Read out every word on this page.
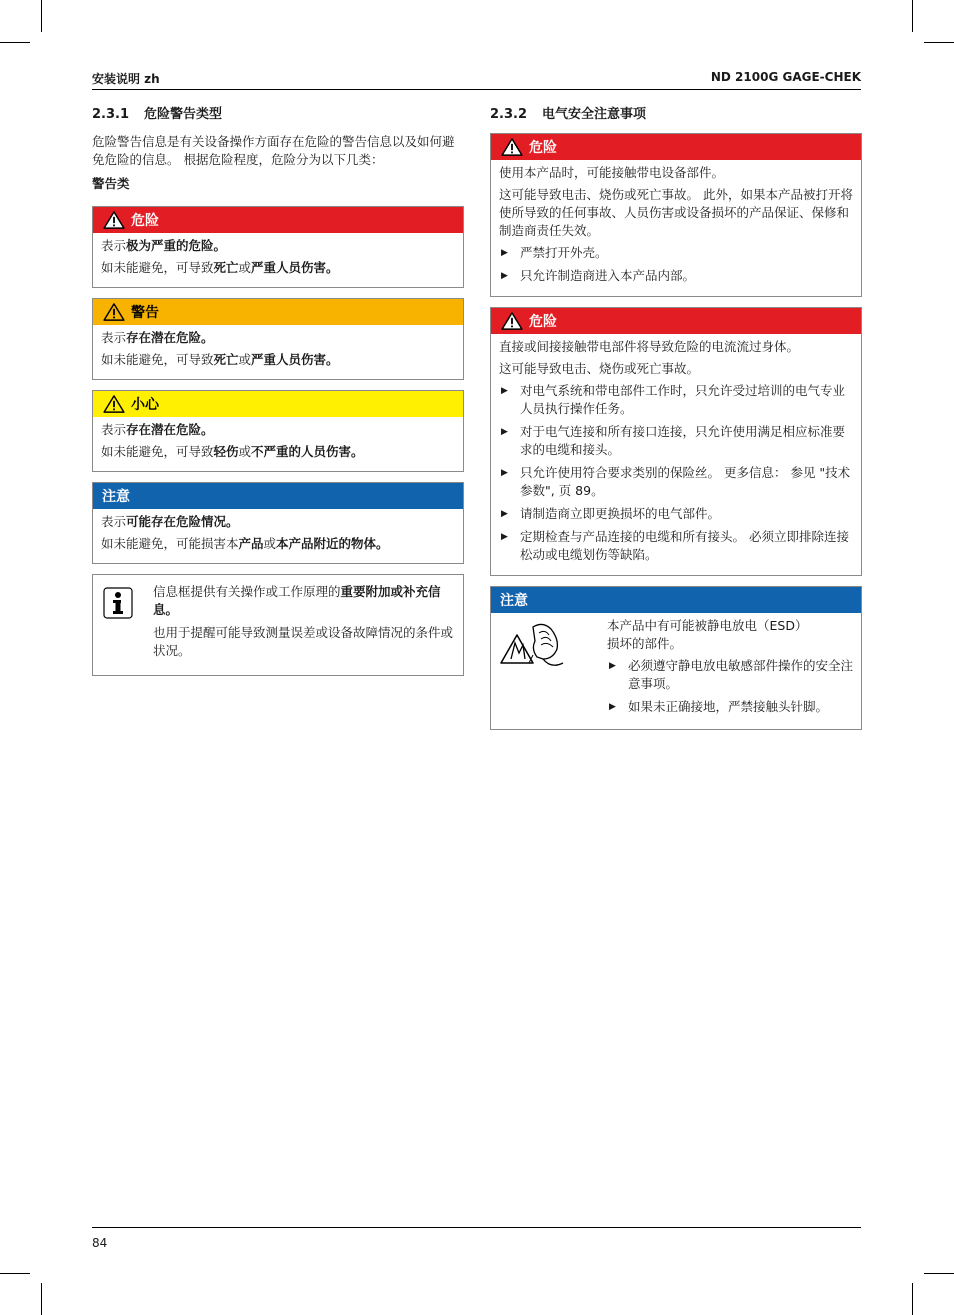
安装说明 zh	ND 2100G GAGE-CHEK
2.3.1 危险警告类型

危险警告信息是有关设备操作方面存在危险的警告信息以及如何避免危险的信息。 根据危险程度，危险分为以下几类：

警告类
危险

表示极为严重的危险。

如未能避免，可导致死亡或严重人员伤害。

警告

表示存在潜在危险。

如未能避免，可导致死亡或严重人员伤害。

小心

表示存在潜在危险。

如未能避免，可导致轻伤或不严重的人员伤害。

注意

表示可能存在危险情况。

如未能避免，可能损害本产品或本产品附近的物体。

信息框提供有关操作或工作原理的重要附加或补充信息。

也用于提醒可能导致测量误差或设备故障情况的条件或状况。

2.3.2 电气安全注意事项
危险

使用本产品时，可能接触带电设备部件。

这可能导致电击、烧伤或死亡事故。 此外，如果本产品被打开将使所导致的任何事故、人员伤害或设备损坏的产品保证、保修和制造商责任失效。

▶ 严禁打开外壳。
▶ 只允许制造商进入本产品内部。
危险

直接或间接接触带电部件将导致危险的电流流过身体。

这可能导致电击、烧伤或死亡事故。

▶ 对电气系统和带电部件工作时，只允许受过培训的电气专业人员执行操作任务。
▶ 对于电气连接和所有接口连接，只允许使用满足相应标准要求的电缆和接头。
▶ 只允许使用符合要求类别的保险丝。 更多信息： 参见 "技术参数", 页 89。
▶ 请制造商立即更换损坏的电气部件。
▶ 定期检查与产品连接的电缆和所有接头。 必须立即排除连接松动或电缆划伤等缺陷。
注意

本产品中有可能被静电放电（ESD）

损坏的部件。

▶ 必须遵守静电放电敏感部件操作的安全注意事项。
▶ 如果未正确接地，严禁接触头针脚。
84
